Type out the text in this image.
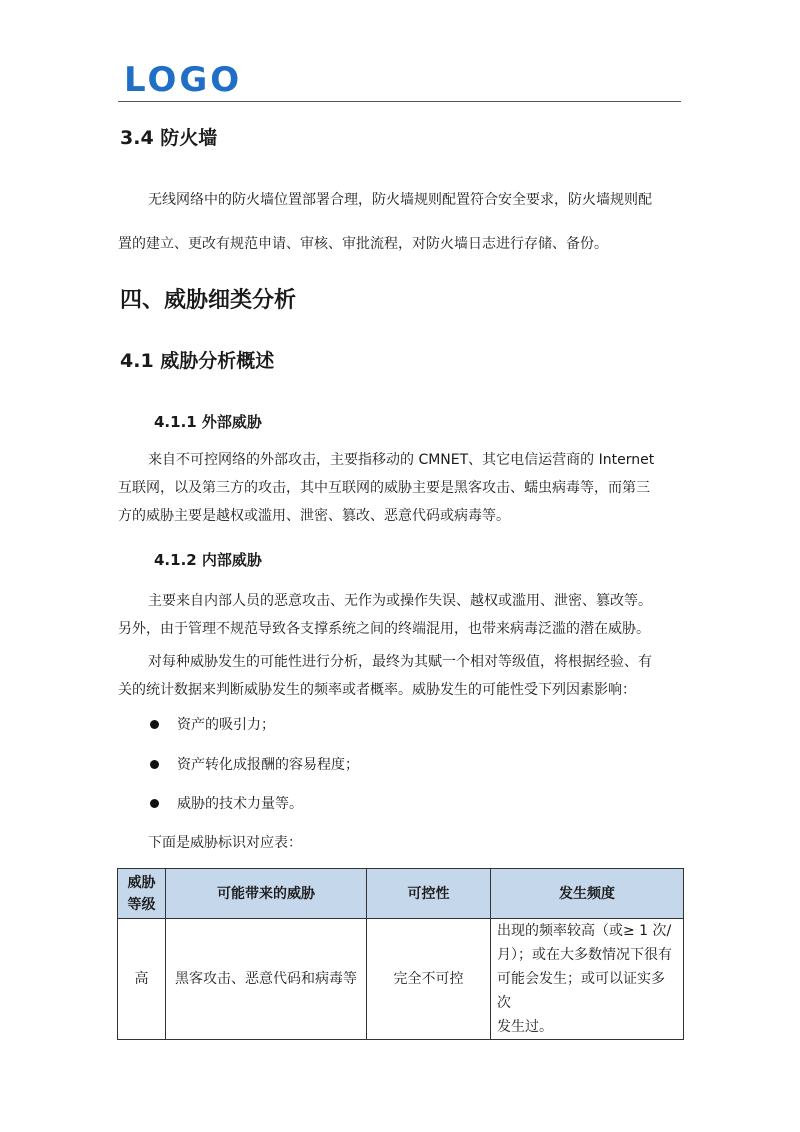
LOGO
3.4 防火墙
无线网络中的防火墙位置部署合理，防火墙规则配置符合安全要求，防火墙规则配
置的建立、更改有规范申请、审核、审批流程，对防火墙日志进行存储、备份。
四、威胁细类分析
4.1 威胁分析概述
4.1.1 外部威胁
来自不可控网络的外部攻击，主要指移动的 CMNET、其它电信运营商的 Internet
互联网，以及第三方的攻击，其中互联网的威胁主要是黑客攻击、蠕虫病毒等，而第三
方的威胁主要是越权或滥用、泄密、篡改、恶意代码或病毒等。
4.1.2 内部威胁
主要来自内部人员的恶意攻击、无作为或操作失误、越权或滥用、泄密、篡改等。
另外，由于管理不规范导致各支撑系统之间的终端混用，也带来病毒泛滥的潜在威胁。
对每种威胁发生的可能性进行分析，最终为其赋一个相对等级值，将根据经验、有
关的统计数据来判断威胁发生的频率或者概率。威胁发生的可能性受下列因素影响：
资产的吸引力；
资产转化成报酬的容易程度；
威胁的技术力量等。
下面是威胁标识对应表：
威胁
等级	可能带来的威胁	可控性	发生频度
高	黑客攻击、恶意代码和病毒等	完全不可控	出现的频率较高（或≥ 1 次/
月）；或在大多数情况下很有
可能会发生；或可以证实多次
发生过。
